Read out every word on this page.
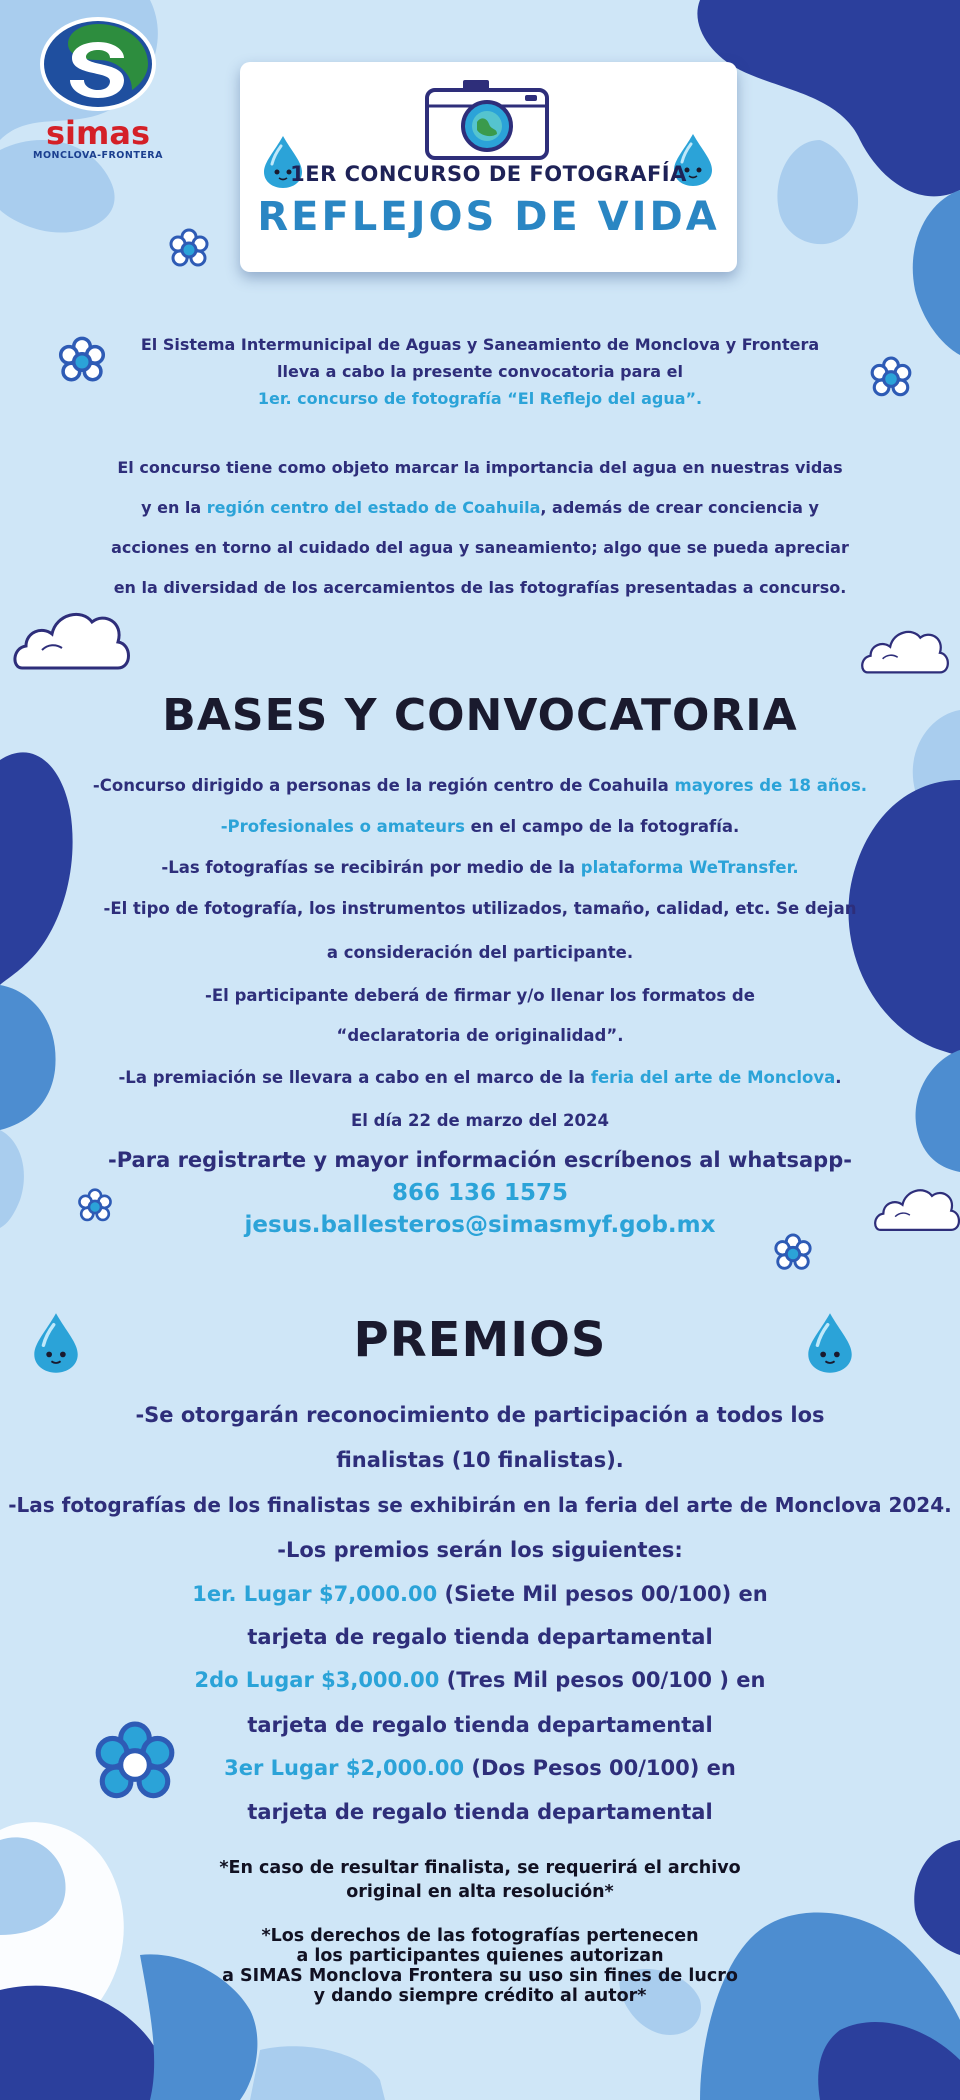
simas
MONCLOVA-FRONTERA
1ER CONCURSO DE FOTOGRAFÍA
REFLEJOS DE VIDA
El Sistema Intermunicipal de Aguas y Saneamiento de Monclova y Frontera
lleva a cabo la presente convocatoria para el
1er. concurso de fotografía “El Reflejo del agua”.
El concurso tiene como objeto marcar la importancia del agua en nuestras vidas
y en la región centro del estado de Coahuila, además de crear conciencia y
acciones en torno al cuidado del agua y saneamiento; algo que se pueda apreciar
en la diversidad de los acercamientos de las fotografías presentadas a concurso.
BASES Y CONVOCATORIA
-Concurso dirigido a personas de la región centro de Coahuila mayores de 18 años.
-Profesionales o amateurs en el campo de la fotografía.
-Las fotografías se recibirán por medio de la plataforma WeTransfer.
-El tipo de fotografía, los instrumentos utilizados, tamaño, calidad, etc. Se dejan
a consideración del participante.
-El participante deberá de firmar y/o llenar los formatos de
“declaratoria de originalidad”.
-La premiación se llevara a cabo en el marco de la feria del arte de Monclova.
El día 22 de marzo del 2024
-Para registrarte y mayor información escríbenos al whatsapp-
866 136 1575
jesus.ballesteros@simasmyf.gob.mx
PREMIOS
-Se otorgarán reconocimiento de participación a todos los
finalistas (10 finalistas).
-Las fotografías de los finalistas se exhibirán en la feria del arte de Monclova 2024.
-Los premios serán los siguientes:
1er. Lugar $7,000.00 (Siete Mil pesos 00/100) en
tarjeta de regalo tienda departamental
2do Lugar $3,000.00 (Tres Mil pesos 00/100 ) en
tarjeta de regalo tienda departamental
3er Lugar $2,000.00 (Dos Pesos 00/100) en
tarjeta de regalo tienda departamental
*En caso de resultar finalista, se requerirá el archivo
original en alta resolución*
*Los derechos de las fotografías pertenecen
a los participantes quienes autorizan
a SIMAS Monclova Frontera su uso sin fines de lucro
y dando siempre crédito al autor*
